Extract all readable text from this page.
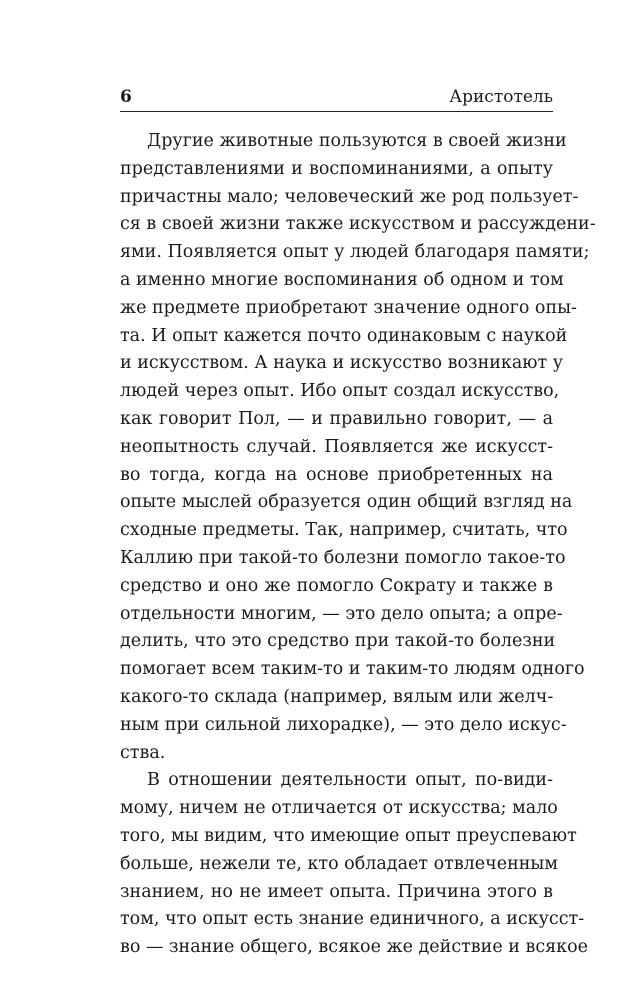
6	Аристотель
Другие животные пользуются в своей жизни
представлениями и воспоминаниями, а опыту
причастны мало; человеческий же род пользует-
ся в своей жизни также искусством и рассуждени-
ями. Появляется опыт у людей благодаря памяти;
а именно многие воспоминания об одном и том
же предмете приобретают значение одного опы-
та. И опыт кажется почто одинаковым с наукой
и искусством. А наука и искусство возникают у
людей через опыт. Ибо опыт создал искусство,
как говорит Пол, — и правильно говорит, — а
неопытность случай. Появляется же искусст-
во тогда, когда на основе приобретенных на
опыте мыслей образуется один общий взгляд на
сходные предметы. Так, например, считать, что
Каллию при такой-то болезни помогло такое-то
средство и оно же помогло Сократу и также в
отдельности многим, — это дело опыта; а опре-
делить, что это средство при такой-то болезни
помогает всем таким-то и таким-то людям одного
какого-то склада (например, вялым или желч-
ным при сильной лихорадке), — это дело искус-
ства.
В отношении деятельности опыт, по-види-
мому, ничем не отличается от искусства; мало
того, мы видим, что имеющие опыт преуспевают
больше, нежели те, кто обладает отвлеченным
знанием, но не имеет опыта. Причина этого в
том, что опыт есть знание единичного, а искусст-
во — знание общего, всякое же действие и всякое
